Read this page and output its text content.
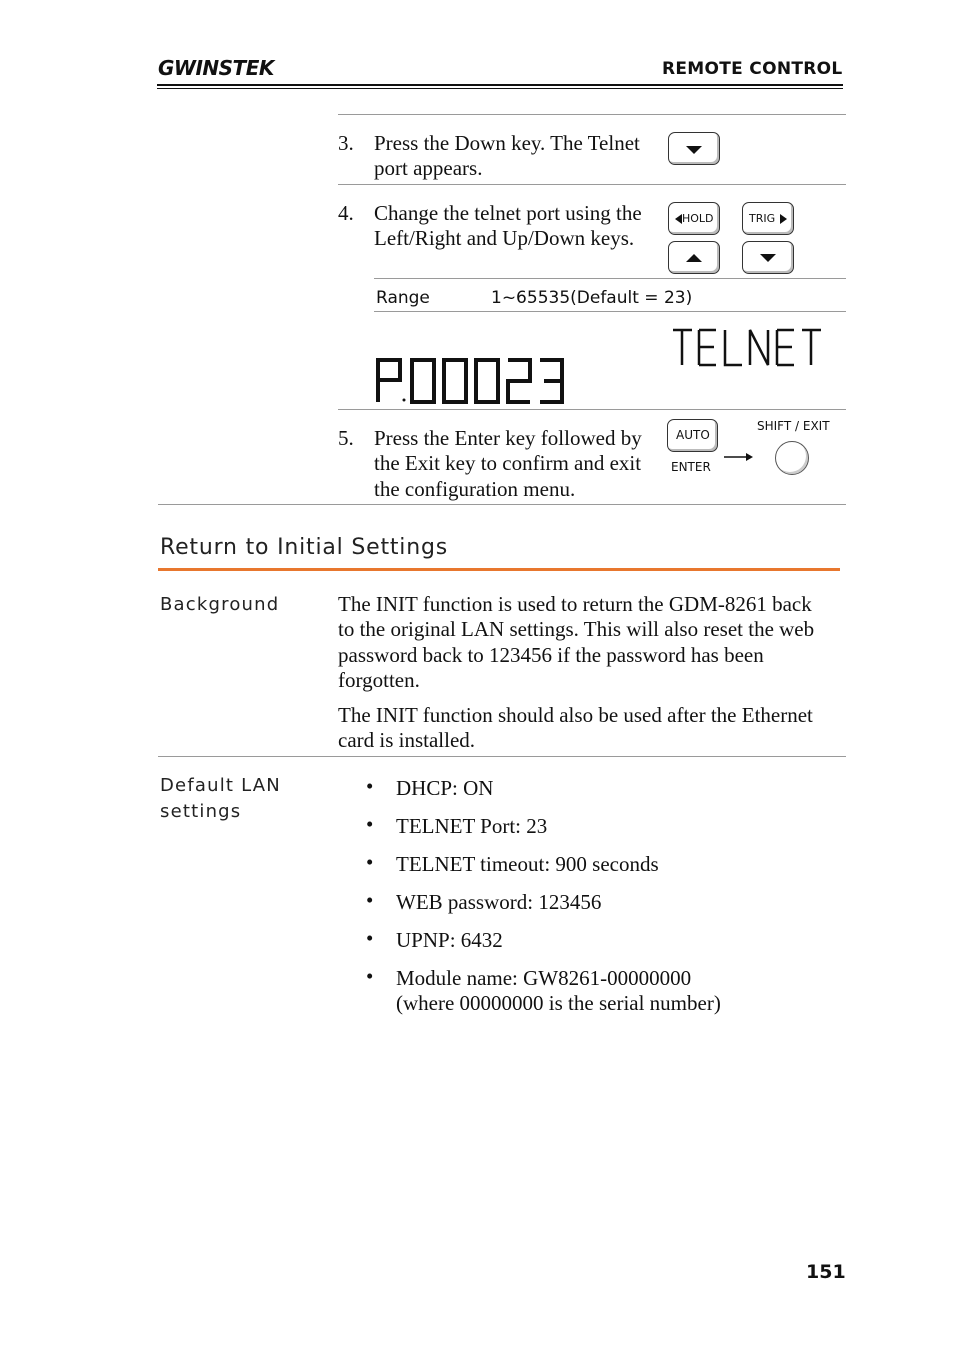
GWINSTEK	REMOTE CONTROL
3. Press the Down key. The Telnet
port appears.
4. Change the telnet port using the
Left/Right and Up/Down keys.
HOLD	TRIG
Range	1~65535(Default = 23)
5. Press the Enter key followed by
the Exit key to confirm and exit
the configuration menu.
AUTO
ENTER
SHIFT / EXIT
Return to Initial Settings
Background	The INIT function is used to return the GDM-8261 back
to the original LAN settings. This will also reset the web
password back to 123456 if the password has been
forgotten.
The INIT function should also be used after the Ethernet
card is installed.
Default LAN
settings
• DHCP: ON
• TELNET Port: 23
• TELNET timeout: 900 seconds
• WEB password: 123456
• UPNP: 6432
• Module name: GW8261-00000000
(where 00000000 is the serial number)
151
